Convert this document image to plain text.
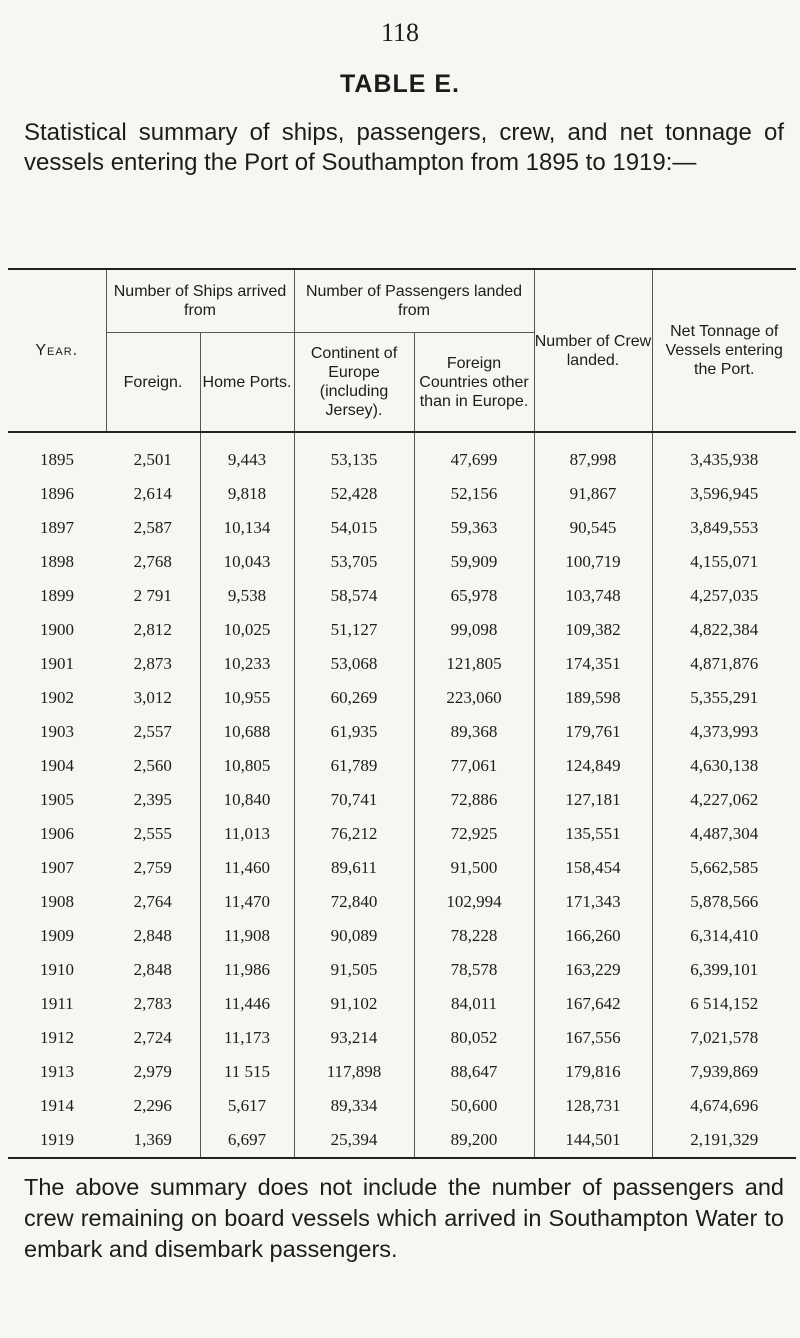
118
TABLE E.

Statistical summary of ships, passengers, crew, and net tonnage of vessels entering the Port of Southampton from 1895 to 1919:—

Year.	Number of Ships arrived from		Number of Passengers landed from		Number of Crew landed.	Net Tonnage of Vessels entering the Port.
	Foreign.	Home Ports.	Continent of Europe (including Jersey).	Foreign Countries other than in Europe.		

1895	2,501	9,443	53,135	47,699	87,998	3,435,938
1896	2,614	9,818	52,428	52,156	91,867	3,596,945
1897	2,587	10,134	54,015	59,363	90,545	3,849,553
1898	2,768	10,043	53,705	59,909	100,719	4,155,071
1899	2 791	9,538	58,574	65,978	103,748	4,257,035
1900	2,812	10,025	51,127	99,098	109,382	4,822,384
1901	2,873	10,233	53,068	121,805	174,351	4,871,876
1902	3,012	10,955	60,269	223,060	189,598	5,355,291
1903	2,557	10,688	61,935	89,368	179,761	4,373,993
1904	2,560	10,805	61,789	77,061	124,849	4,630,138
1905	2,395	10,840	70,741	72,886	127,181	4,227,062
1906	2,555	11,013	76,212	72,925	135,551	4,487,304
1907	2,759	11,460	89,611	91,500	158,454	5,662,585
1908	2,764	11,470	72,840	102,994	171,343	5,878,566
1909	2,848	11,908	90,089	78,228	166,260	6,314,410
1910	2,848	11,986	91,505	78,578	163,229	6,399,101
1911	2,783	11,446	91,102	84,011	167,642	6 514,152
1912	2,724	11,173	93,214	80,052	167,556	7,021,578
1913	2,979	11 515	117,898	88,647	179,816	7,939,869
1914	2,296	5,617	89,334	50,600	128,731	4,674,696
1919	1,369	6,697	25,394	89,200	144,501	2,191,329

The above summary does not include the number of passengers and crew remaining on board vessels which arrived in Southampton Water to embark and disembark passengers.
